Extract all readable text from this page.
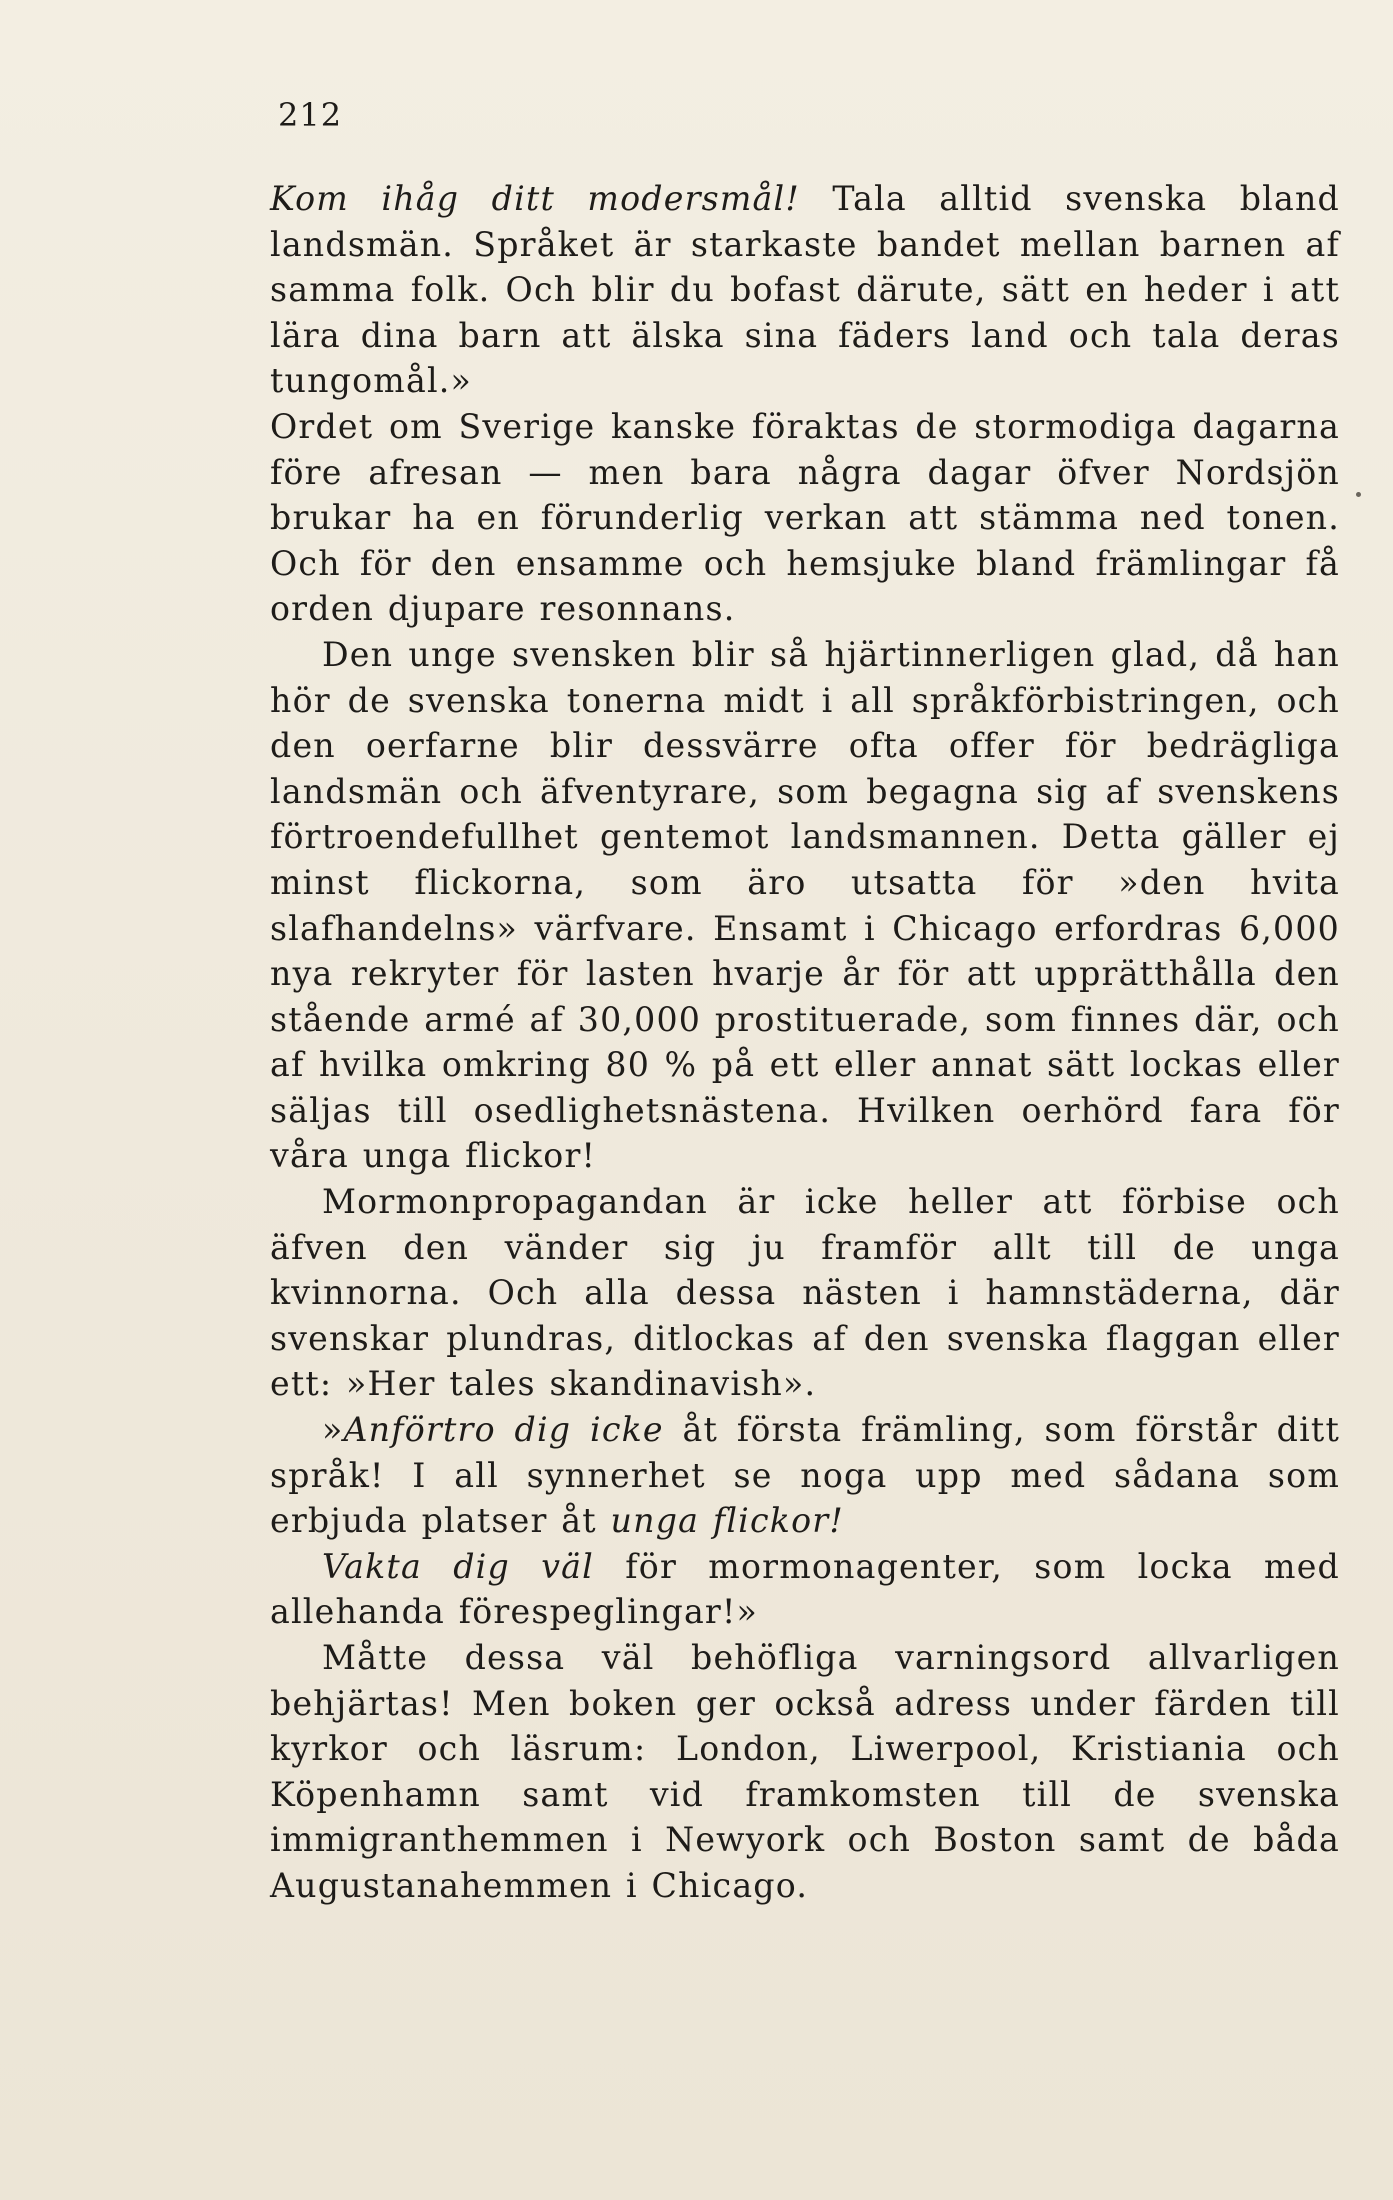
212

Kom ihåg ditt modersmål! Tala alltid svenska bland landsmän. Språket är starkaste bandet mellan barnen af samma folk. Och blir du bofast därute, sätt en heder i att lära dina barn att älska sina fäders land och tala deras tungomål.»

Ordet om Sverige kanske föraktas de stormodiga dagarna före afresan — men bara några dagar öfver Nordsjön brukar ha en förunderlig verkan att stämma ned tonen. Och för den ensamme och hemsjuke bland främlingar få orden djupare resonnans.

Den unge svensken blir så hjärtinnerligen glad, då han hör de svenska tonerna midt i all språkförbistringen, och den oerfarne blir dessvärre ofta offer för bedrägliga landsmän och äfventyrare, som begagna sig af svenskens förtroendefullhet gentemot landsmannen. Detta gäller ej minst flickorna, som äro utsatta för »den hvita slafhandelns» värfvare. Ensamt i Chicago erfordras 6,000 nya rekryter för lasten hvarje år för att upprätthålla den stående armé af 30,000 prostituerade, som finnes där, och af hvilka omkring 80 % på ett eller annat sätt lockas eller säljas till osedlighetsnästena. Hvilken oerhörd fara för våra unga flickor!

Mormonpropagandan är icke heller att förbise och äfven den vänder sig ju framför allt till de unga kvinnorna. Och alla dessa nästen i hamnstäderna, där svenskar plundras, ditlockas af den svenska flaggan eller ett: »Her tales skandinavish».

»Anförtro dig icke åt första främling, som förstår ditt språk! I all synnerhet se noga upp med sådana som erbjuda platser åt unga flickor!

Vakta dig väl för mormonagenter, som locka med allehanda förespeglingar!»

Måtte dessa väl behöfliga varningsord allvarligen behjärtas! Men boken ger också adress under färden till kyrkor och läsrum: London, Liwerpool, Kristiania och Köpenhamn samt vid framkomsten till de svenska immigranthemmen i Newyork och Boston samt de båda Augustanahemmen i Chicago.
